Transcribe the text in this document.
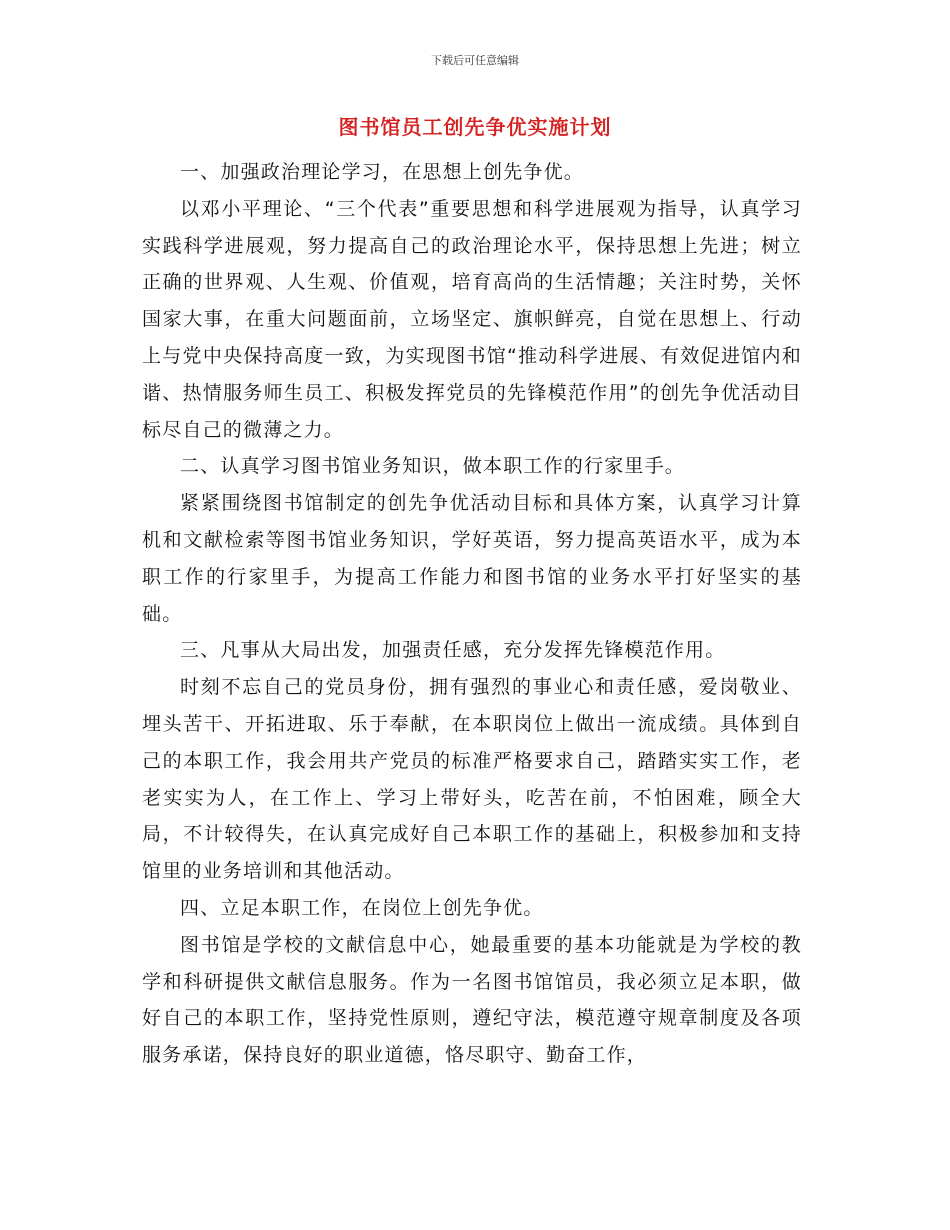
下载后可任意编辑
图书馆员工创先争优实施计划

一、加强政治理论学习，在思想上创先争优。

以邓小平理论、“三个代表”重要思想和科学进展观为指导，认真学习实践科学进展观，努力提高自己的政治理论水平，保持思想上先进；树立正确的世界观、人生观、价值观，培育高尚的生活情趣；关注时势，关怀国家大事，在重大问题面前，立场坚定、旗帜鲜亮，自觉在思想上、行动上与党中央保持高度一致，为实现图书馆“推动科学进展、有效促进馆内和谐、热情服务师生员工、积极发挥党员的先锋模范作用”的创先争优活动目标尽自己的微薄之力。

二、认真学习图书馆业务知识，做本职工作的行家里手。

紧紧围绕图书馆制定的创先争优活动目标和具体方案，认真学习计算机和文献检索等图书馆业务知识，学好英语，努力提高英语水平，成为本职工作的行家里手，为提高工作能力和图书馆的业务水平打好坚实的基础。

三、凡事从大局出发，加强责任感，充分发挥先锋模范作用。

时刻不忘自己的党员身份，拥有强烈的事业心和责任感，爱岗敬业、埋头苦干、开拓进取、乐于奉献，在本职岗位上做出一流成绩。具体到自己的本职工作，我会用共产党员的标准严格要求自己，踏踏实实工作，老老实实为人，在工作上、学习上带好头，吃苦在前，不怕困难，顾全大局，不计较得失，在认真完成好自己本职工作的基础上，积极参加和支持馆里的业务培训和其他活动。

四、立足本职工作，在岗位上创先争优。

图书馆是学校的文献信息中心，她最重要的基本功能就是为学校的教学和科研提供文献信息服务。作为一名图书馆馆员，我必须立足本职，做好自己的本职工作，坚持党性原则，遵纪守法，模范遵守规章制度及各项服务承诺，保持良好的职业道德，恪尽职守、勤奋工作，
